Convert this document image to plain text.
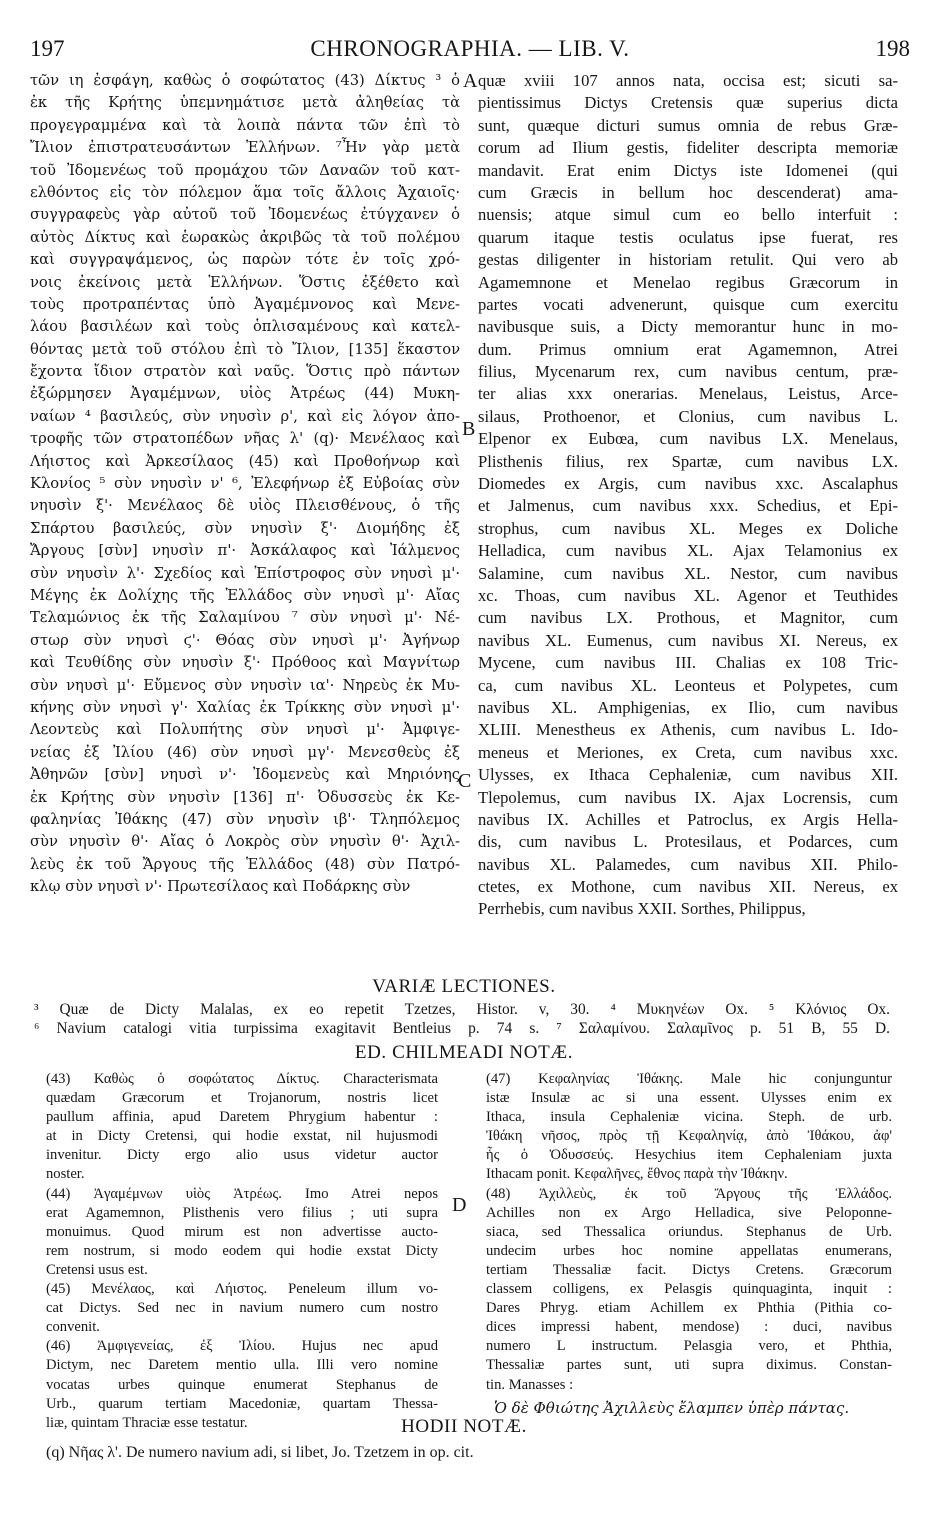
197	CHRONOGRAPHIA. — LIB. V.	198
τῶν ιη ἐσφάγη, καθὼς ὁ σοφώτατος (43) Δίκτυς ³ ὁ
ἐκ τῆς Κρήτης ὑπεμνημάτισε μετὰ ἀληθείας τὰ
προγεγραμμένα καὶ τὰ λοιπὰ πάντα τῶν ἐπὶ τὸ
Ἴλιον ἐπιστρατευσάντων Ἑλλήνων. ⁷Ἦν γὰρ μετὰ
τοῦ Ἰδομενέως τοῦ προμάχου τῶν Δαναῶν τοῦ κατ-
ελθόντος εἰς τὸν πόλεμον ἅμα τοῖς ἄλλοις Ἀχαιοῖς·
συγγραφεὺς γὰρ αὐτοῦ τοῦ Ἰδομενέως ἐτύγχανεν ὁ
αὐτὸς Δίκτυς καὶ ἑωρακὼς ἀκριβῶς τὰ τοῦ πολέμου
καὶ συγγραψάμενος, ὡς παρὼν τότε ἐν τοῖς χρό-
νοις ἐκείνοις μετὰ Ἑλλήνων. Ὅστις ἐξέθετο καὶ
τοὺς προτραπέντας ὑπὸ Ἀγαμέμνονος καὶ Μενε-
λάου βασιλέων καὶ τοὺς ὁπλισαμένους καὶ κατελ-
θόντας μετὰ τοῦ στόλου ἐπὶ τὸ Ἴλιον, [135] ἕκαστον
ἔχοντα ἴδιον στρατὸν καὶ ναῦς. Ὅστις πρὸ πάντων
ἐξώρμησεν Ἀγαμέμνων, υἱὸς Ἀτρέως (44) Μυκη-
ναίων ⁴ βασιλεύς, σὺν νηυσὶν ρ', καὶ εἰς λόγον ἀπο-
τροφῆς τῶν στρατοπέδων νῆας λ' (q)· Μενέλαος καὶ
Λήιστος καὶ Ἀρκεσίλαος (45) καὶ Προθοήνωρ καὶ
Κλονίος ⁵ σὺν νηυσὶν ν' ⁶, Ἐλεφήνωρ ἐξ Εὐβοίας σὺν
νηυσὶν ξ'· Μενέλαος δὲ υἱὸς Πλεισθένους, ὁ τῆς
Σπάρτου βασιλεύς, σὺν νηυσὶν ξ'· Διομήδης ἐξ
Ἄργους [σὺν] νηυσὶν π'· Ἀσκάλαφος καὶ Ἰάλμενος
σὺν νηυσὶν λ'· Σχεδίος καὶ Ἐπίστροφος σὺν νηυσὶ μ'·
Μέγης ἐκ Δολίχης τῆς Ἑλλάδος σὺν νηυσὶ μ'· Αἴας
Τελαμώνιος ἐκ τῆς Σαλαμίνου ⁷ σὺν νηυσὶ μ'· Νέ-
στωρ σὺν νηυσὶ ϛ'· Θόας σὺν νηυσὶ μ'· Ἀγήνωρ
καὶ Τευθίδης σὺν νηυσὶν ξ'· Πρόθοος καὶ Μαγνίτωρ
σὺν νηυσὶ μ'· Εὔμενος σὺν νηυσὶν ια'· Νηρεὺς ἐκ Μυ-
κήνης σὺν νηυσὶ γ'· Χαλίας ἐκ Τρίκκης σὺν νηυσὶ μ'·
Λεοντεὺς καὶ Πολυπήτης σὺν νηυσὶ μ'· Ἀμφιγε-
νείας ἐξ Ἰλίου (46) σὺν νηυσὶ μγ'· Μενεσθεὺς ἐξ
Ἀθηνῶν [σὺν] νηυσὶ ν'· Ἰδομενεὺς καὶ Μηριόνης
ἐκ Κρήτης σὺν νηυσὶν [136] π'· Ὀδυσσεὺς ἐκ Κε-
φαληνίας Ἰθάκης (47) σὺν νηυσὶν ιβ'· Τληπόλεμος
σὺν νηυσὶν θ'· Αἴας ὁ Λοκρὸς σὺν νηυσὶν θ'· Ἀχιλ-
λεὺς ἐκ τοῦ Ἄργους τῆς Ἑλλάδος (48) σὺν Πατρό-
κλῳ σὺν νηυσὶ ν'· Πρωτεσίλαος καὶ Ποδάρκης σὺν
A
B
C
D
quæ xviii 107 annos nata, occisa est; sicuti sa-
pientissimus Dictys Cretensis quæ superius dicta
sunt, quæque dicturi sumus omnia de rebus Græ-
corum ad Ilium gestis, fideliter descripta memoriæ
mandavit. Erat enim Dictys iste Idomenei (qui
cum Græcis in bellum hoc descenderat) ama-
nuensis; atque simul cum eo bello interfuit :
quarum itaque testis oculatus ipse fuerat, res
gestas diligenter in historiam retulit. Qui vero ab
Agamemnone et Menelao regibus Græcorum in
partes vocati advenerunt, quisque cum exercitu
navibusque suis, a Dicty memorantur hunc in mo-
dum. Primus omnium erat Agamemnon, Atrei
filius, Mycenarum rex, cum navibus centum, præ-
ter alias xxx onerarias. Menelaus, Leistus, Arce-
silaus, Prothoenor, et Clonius, cum navibus L.
Elpenor ex Eubœa, cum navibus LX. Menelaus,
Plisthenis filius, rex Spartæ, cum navibus LX.
Diomedes ex Argis, cum navibus xxc. Ascalaphus
et Jalmenus, cum navibus xxx. Schedius, et Epi-
strophus, cum navibus XL. Meges ex Doliche
Helladica, cum navibus XL. Ajax Telamonius ex
Salamine, cum navibus XL. Nestor, cum navibus
xc. Thoas, cum navibus XL. Agenor et Teuthides
cum navibus LX. Prothous, et Magnitor, cum
navibus XL. Eumenus, cum navibus XI. Nereus, ex
Mycene, cum navibus III. Chalias ex 108 Tric-
ca, cum navibus XL. Leonteus et Polypetes, cum
navibus XL. Amphigenias, ex Ilio, cum navibus
XLIII. Menestheus ex Athenis, cum navibus L. Ido-
meneus et Meriones, ex Creta, cum navibus xxc.
Ulysses, ex Ithaca Cephaleniæ, cum navibus XII.
Tlepolemus, cum navibus IX. Ajax Locrensis, cum
navibus IX. Achilles et Patroclus, ex Argis Hella-
dis, cum navibus L. Protesilaus, et Podarces, cum
navibus XL. Palamedes, cum navibus XII. Philo-
ctetes, ex Mothone, cum navibus XII. Nereus, ex
Perrhebis, cum navibus XXII. Sorthes, Philippus,
VARIÆ LECTIONES.
³ Quæ de Dicty Malalas, ex eo repetit Tzetzes, Histor. v, 30. ⁴ Μυκηνέων Ox. ⁵ Κλόνιος Ox.
⁶ Navium catalogi vitia turpissima exagitavit Bentleius p. 74 s. ⁷ Σαλαμίνου. Σαλαμῖνος p. 51 B, 55 D.
ED. CHILMEADI NOTÆ.
(43) Καθὼς ὁ σοφώτατος Δίκτυς. Characterismata
quædam Græcorum et Trojanorum, nostris licet
paullum affinia, apud Daretem Phrygium habentur :
at in Dicty Cretensi, qui hodie exstat, nil hujusmodi
invenitur. Dicty ergo alio usus videtur auctor
noster.
(44) Ἀγαμέμνων υἱὸς Ἀτρέως. Imo Atrei nepos
erat Agamemnon, Plisthenis vero filius ; uti supra
monuimus. Quod mirum est non advertisse aucto-
rem nostrum, si modo eodem qui hodie exstat Dicty
Cretensi usus est.
(45) Μενέλαος, καὶ Λήιστος. Peneleum illum vo-
cat Dictys. Sed nec in navium numero cum nostro
convenit.
(46) Ἀμφιγενείας, ἐξ Ἰλίου. Hujus nec apud
Dictym, nec Daretem mentio ulla. Illi vero nomine
vocatas urbes quinque enumerat Stephanus de
Urb., quarum tertiam Macedoniæ, quartam Thessa-
liæ, quintam Thraciæ esse testatur.
(47) Κεφαληνίας Ἰθάκης. Male hic conjunguntur
istæ Insulæ ac si una essent. Ulysses enim ex
Ithaca, insula Cephaleniæ vicina. Steph. de urb.
Ἰθάκη νῆσος, πρὸς τῇ Κεφαληνίᾳ, ἀπὸ Ἰθάκου, ἀφ'
ἧς ὁ Ὀδυσσεύς. Hesychius item Cephaleniam juxta
Ithacam ponit. Κεφαλῆνες, ἔθνος παρὰ τὴν Ἰθάκην.
(48) Ἀχιλλεὺς, ἐκ τοῦ Ἄργους τῆς Ἑλλάδος.
Achilles non ex Argo Helladica, sive Peloponne-
siaca, sed Thessalica oriundus. Stephanus de Urb.
undecim urbes hoc nomine appellatas enumerans,
tertiam Thessaliæ facit. Dictys Cretens. Græcorum
classem colligens, ex Pelasgis quinquaginta, inquit :
Dares Phryg. etiam Achillem ex Phthia (Pithia co-
dices impressi habent, mendose) : duci, navibus
numero L instructum. Pelasgia vero, et Phthia,
Thessaliæ partes sunt, uti supra diximus. Constan-
tin. Manasses :
Ὁ δὲ Φθιώτης Ἀχιλλεὺς ἔλαμπεν ὑπὲρ πάντας.
HODII NOTÆ.
(q) Νῆας λ'. De numero navium adi, si libet, Jo. Tzetzem in op. cit.
